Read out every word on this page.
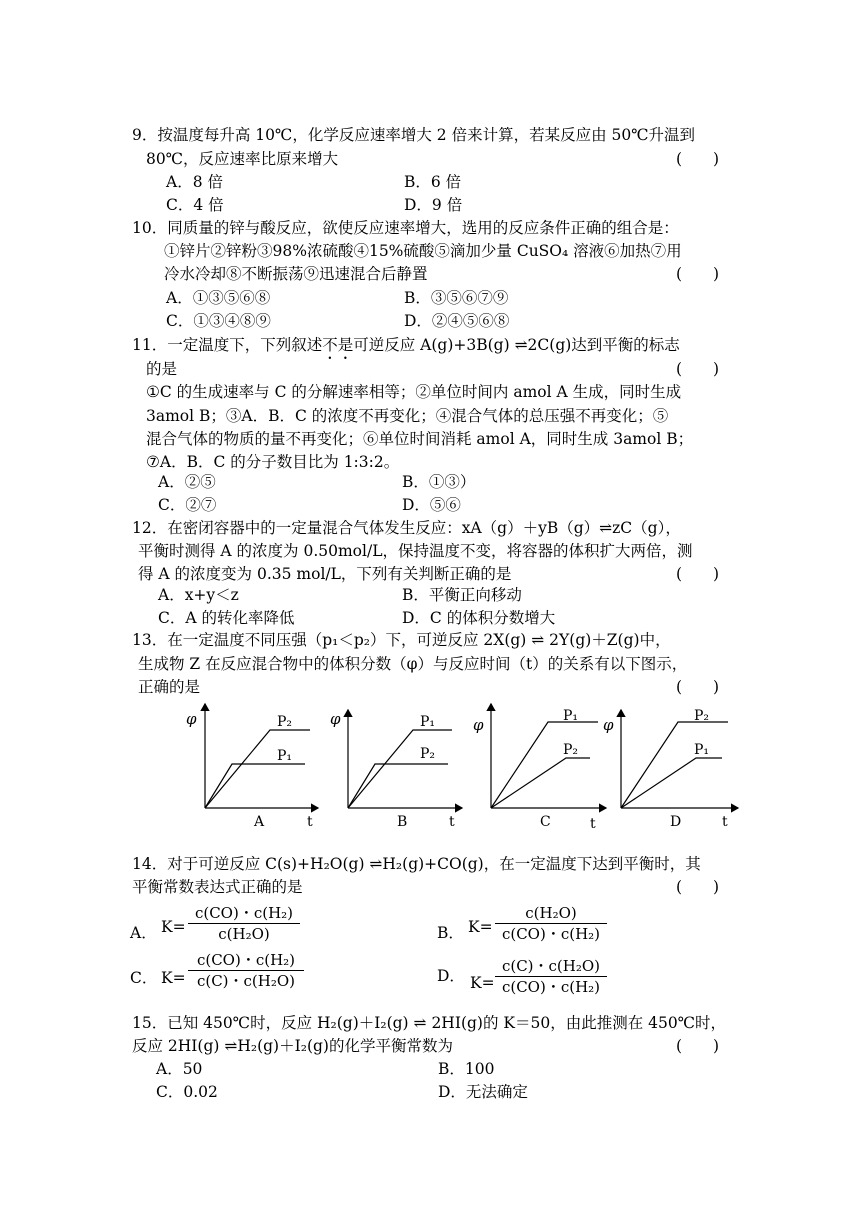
9．按温度每升高 10℃，化学反应速率增大 2 倍来计算，若某反应由 50℃升温到
80℃，反应速率比原来增大	(　　)
A．8 倍	B．6 倍
C．4 倍	D．9 倍
10．同质量的锌与酸反应，欲使反应速率增大，选用的反应条件正确的组合是：
①锌片②锌粉③98%浓硫酸④15%硫酸⑤滴加少量 CuSO₄ 溶液⑥加热⑦用
冷水冷却⑧不断振荡⑨迅速混合后静置	(　　)
A．①③⑤⑥⑧	B．③⑤⑥⑦⑨
C．①③④⑧⑨	D．②④⑤⑥⑧
11．一定温度下，下列叙述不是可逆反应 A(g)+3B(g) ⇌2C(g)达到平衡的标志
的是	(　　)
①C 的生成速率与 C 的分解速率相等；②单位时间内 amol A 生成，同时生成
3amol B；③A．B．C 的浓度不再变化；④混合气体的总压强不再变化；⑤
混合气体的物质的量不再变化；⑥单位时间消耗 amol A，同时生成 3amol B；
⑦A．B．C 的分子数目比为 1:3:2。
A．②⑤	B．①③）
C．②⑦	D．⑤⑥
12．在密闭容器中的一定量混合气体发生反应：xA（g）＋yB（g）⇌zC（g），
平衡时测得 A 的浓度为 0.50mol/L，保持温度不变，将容器的体积扩大两倍，测
得 A 的浓度变为 0.35 mol/L，下列有关判断正确的是	(　　)
A．x+y＜z	B．平衡正向移动
C．A 的转化率降低	D．C 的体积分数增大
13．在一定温度不同压强（p₁＜p₂）下，可逆反应 2X(g) ⇌ 2Y(g)＋Z(g)中，
生成物 Z 在反应混合物中的体积分数（φ）与反应时间（t）的关系有以下图示，
正确的是	(　　)
φ	P₂
P₁
A	t
φ	P₁
P₂
B	t
φ	P₁
P₂
C	t
φ	P₂
P₁
D	t
14．对于可逆反应 C(s)+H₂O(g) ⇌H₂(g)+CO(g)，在一定温度下达到平衡时，其
平衡常数表达式正确的是	(　　)
A． K=
c(CO)・c(H₂)
c(H₂O)	B． K=
c(H₂O)
c(CO)・c(H₂)
C． K=
c(CO)・c(H₂)
c(C)・c(H₂O)	D． K=
c(C)・c(H₂O)
c(CO)・c(H₂)
15．已知 450℃时，反应 H₂(g)＋I₂(g) ⇌ 2HI(g)的 K＝50，由此推测在 450℃时，
反应 2HI(g) ⇌H₂(g)＋I₂(g)的化学平衡常数为	(　　)
A．50	B．100
C．0.02	D．无法确定
